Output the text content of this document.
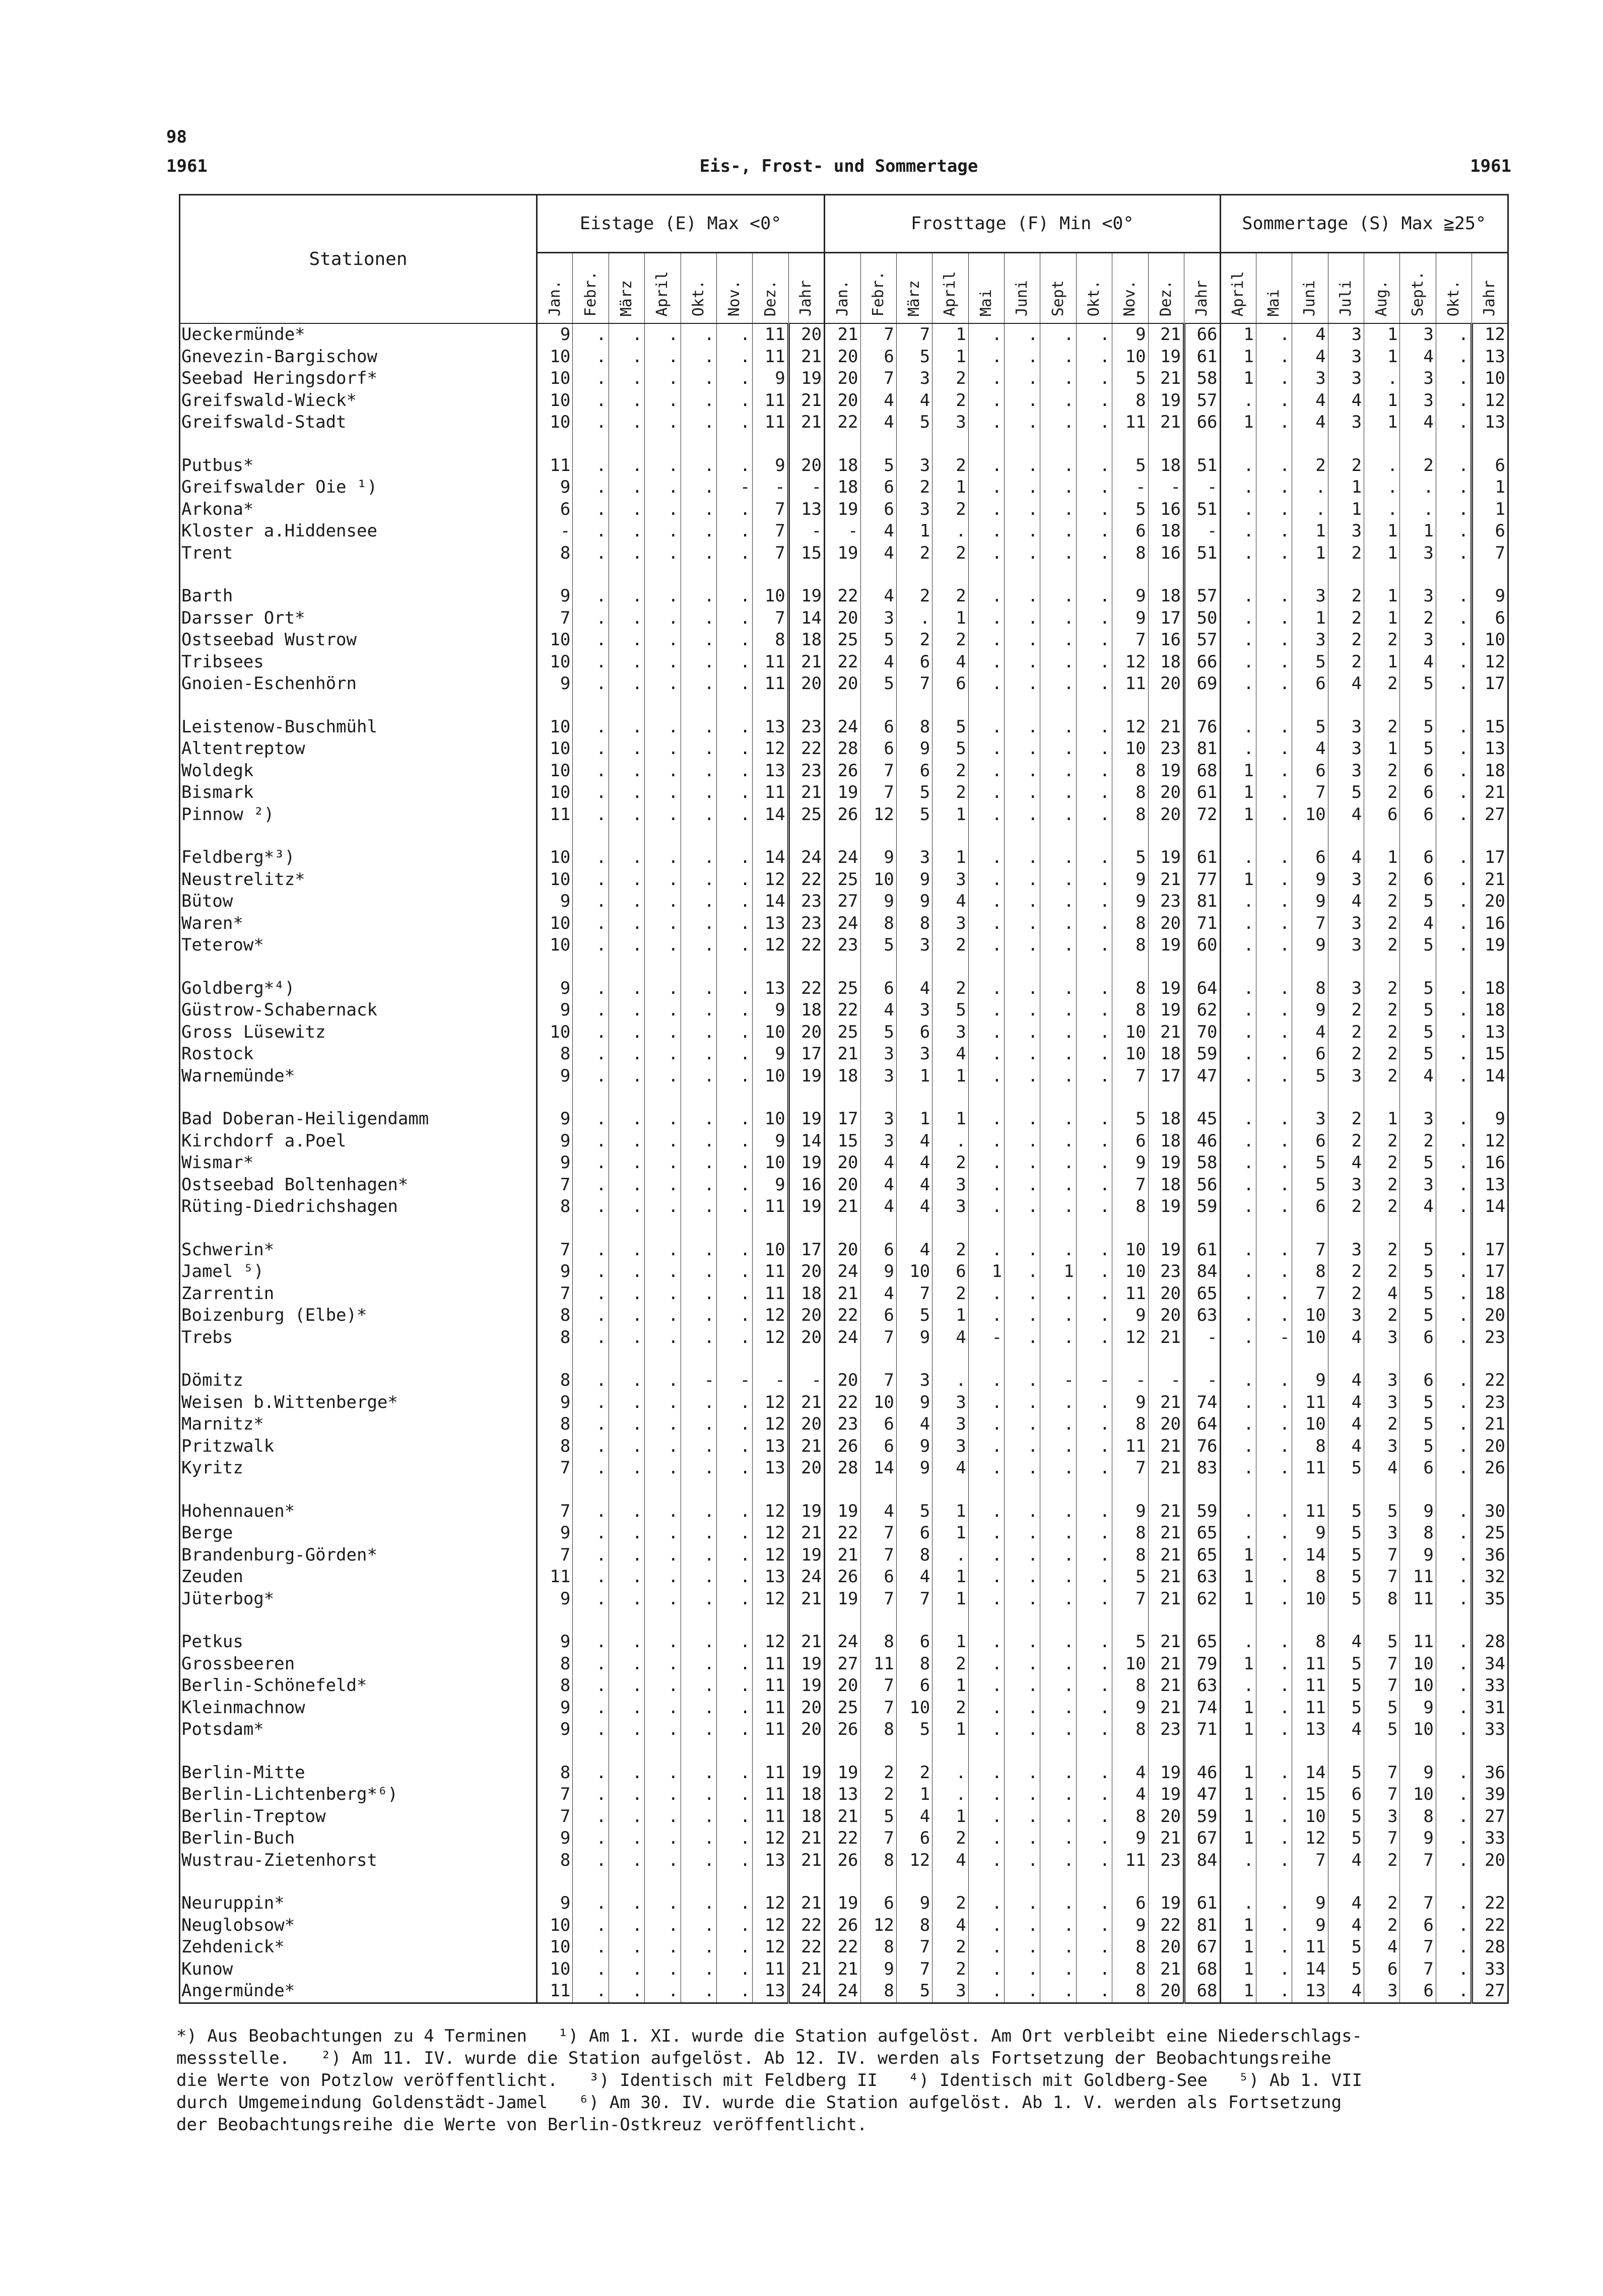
98
1961	Eis-, Frost- und Sommertage	1961
Stationen	Eistage (E) Max <0°								Frosttage (F) Min <0°											Sommertage (S) Max ≧25°							
	Jan.	Febr.	März	April	Okt.	Nov.	Dez.	Jahr	Jan.	Febr.	März	April	Mai	Juni	Sept	Okt.	Nov.	Dez.	Jahr	April	Mai	Juni	Juli	Aug.	Sept.	Okt.	Jahr
Ueckermünde*	9	.	.	.	.	.	11	20	21	7	7	1	.	.	.	.	9	21	66	1	.	4	3	1	3	.	12
Gnevezin-Bargischow	10	.	.	.	.	.	11	21	20	6	5	1	.	.	.	.	10	19	61	1	.	4	3	1	4	.	13
Seebad Heringsdorf*	10	.	.	.	.	.	9	19	20	7	3	2	.	.	.	.	5	21	58	1	.	3	3	.	3	.	10
Greifswald-Wieck*	10	.	.	.	.	.	11	21	20	4	4	2	.	.	.	.	8	19	57	.	.	4	4	1	3	.	12
Greifswald-Stadt	10	.	.	.	.	.	11	21	22	4	5	3	.	.	.	.	11	21	66	1	.	4	3	1	4	.	13

Putbus*	11	.	.	.	.	.	9	20	18	5	3	2	.	.	.	.	5	18	51	.	.	2	2	.	2	.	6
Greifswalder Oie ¹)	9	.	.	.	.	-	-	-	18	6	2	1	.	.	.	.	-	-	-	.	.	.	1	.	.	.	1
Arkona*	6	.	.	.	.	.	7	13	19	6	3	2	.	.	.	.	5	16	51	.	.	.	1	.	.	.	1
Kloster a.Hiddensee	-	.	.	.	.	.	7	-	-	4	1	.	.	.	.	.	6	18	-	.	.	1	3	1	1	.	6
Trent	8	.	.	.	.	.	7	15	19	4	2	2	.	.	.	.	8	16	51	.	.	1	2	1	3	.	7

Barth	9	.	.	.	.	.	10	19	22	4	2	2	.	.	.	.	9	18	57	.	.	3	2	1	3	.	9
Darsser Ort*	7	.	.	.	.	.	7	14	20	3	.	1	.	.	.	.	9	17	50	.	.	1	2	1	2	.	6
Ostseebad Wustrow	10	.	.	.	.	.	8	18	25	5	2	2	.	.	.	.	7	16	57	.	.	3	2	2	3	.	10
Tribsees	10	.	.	.	.	.	11	21	22	4	6	4	.	.	.	.	12	18	66	.	.	5	2	1	4	.	12
Gnoien-Eschenhörn	9	.	.	.	.	.	11	20	20	5	7	6	.	.	.	.	11	20	69	.	.	6	4	2	5	.	17

Leistenow-Buschmühl	10	.	.	.	.	.	13	23	24	6	8	5	.	.	.	.	12	21	76	.	.	5	3	2	5	.	15
Altentreptow	10	.	.	.	.	.	12	22	28	6	9	5	.	.	.	.	10	23	81	.	.	4	3	1	5	.	13
Woldegk	10	.	.	.	.	.	13	23	26	7	6	2	.	.	.	.	8	19	68	1	.	6	3	2	6	.	18
Bismark	10	.	.	.	.	.	11	21	19	7	5	2	.	.	.	.	8	20	61	1	.	7	5	2	6	.	21
Pinnow ²)	11	.	.	.	.	.	14	25	26	12	5	1	.	.	.	.	8	20	72	1	.	10	4	6	6	.	27

Feldberg*³)	10	.	.	.	.	.	14	24	24	9	3	1	.	.	.	.	5	19	61	.	.	6	4	1	6	.	17
Neustrelitz*	10	.	.	.	.	.	12	22	25	10	9	3	.	.	.	.	9	21	77	1	.	9	3	2	6	.	21
Bütow	9	.	.	.	.	.	14	23	27	9	9	4	.	.	.	.	9	23	81	.	.	9	4	2	5	.	20
Waren*	10	.	.	.	.	.	13	23	24	8	8	3	.	.	.	.	8	20	71	.	.	7	3	2	4	.	16
Teterow*	10	.	.	.	.	.	12	22	23	5	3	2	.	.	.	.	8	19	60	.	.	9	3	2	5	.	19

Goldberg*⁴)	9	.	.	.	.	.	13	22	25	6	4	2	.	.	.	.	8	19	64	.	.	8	3	2	5	.	18
Güstrow-Schabernack	9	.	.	.	.	.	9	18	22	4	3	5	.	.	.	.	8	19	62	.	.	9	2	2	5	.	18
Gross Lüsewitz	10	.	.	.	.	.	10	20	25	5	6	3	.	.	.	.	10	21	70	.	.	4	2	2	5	.	13
Rostock	8	.	.	.	.	.	9	17	21	3	3	4	.	.	.	.	10	18	59	.	.	6	2	2	5	.	15
Warnemünde*	9	.	.	.	.	.	10	19	18	3	1	1	.	.	.	.	7	17	47	.	.	5	3	2	4	.	14

Bad Doberan-Heiligendamm	9	.	.	.	.	.	10	19	17	3	1	1	.	.	.	.	5	18	45	.	.	3	2	1	3	.	9
Kirchdorf a.Poel	9	.	.	.	.	.	9	14	15	3	4	.	.	.	.	.	6	18	46	.	.	6	2	2	2	.	12
Wismar*	9	.	.	.	.	.	10	19	20	4	4	2	.	.	.	.	9	19	58	.	.	5	4	2	5	.	16
Ostseebad Boltenhagen*	7	.	.	.	.	.	9	16	20	4	4	3	.	.	.	.	7	18	56	.	.	5	3	2	3	.	13
Rüting-Diedrichshagen	8	.	.	.	.	.	11	19	21	4	4	3	.	.	.	.	8	19	59	.	.	6	2	2	4	.	14

Schwerin*	7	.	.	.	.	.	10	17	20	6	4	2	.	.	.	.	10	19	61	.	.	7	3	2	5	.	17
Jamel ⁵)	9	.	.	.	.	.	11	20	24	9	10	6	1	.	1	.	10	23	84	.	.	8	2	2	5	.	17
Zarrentin	7	.	.	.	.	.	11	18	21	4	7	2	.	.	.	.	11	20	65	.	.	7	2	4	5	.	18
Boizenburg (Elbe)*	8	.	.	.	.	.	12	20	22	6	5	1	.	.	.	.	9	20	63	.	.	10	3	2	5	.	20
Trebs	8	.	.	.	.	.	12	20	24	7	9	4	-	.	.	.	12	21	-	.	-	10	4	3	6	.	23

Dömitz	8	.	.	.	-	-	-	-	20	7	3	.	.	.	-	-	-	-	-	.	.	9	4	3	6	.	22
Weisen b.Wittenberge*	9	.	.	.	.	.	12	21	22	10	9	3	.	.	.	.	9	21	74	.	.	11	4	3	5	.	23
Marnitz*	8	.	.	.	.	.	12	20	23	6	4	3	.	.	.	.	8	20	64	.	.	10	4	2	5	.	21
Pritzwalk	8	.	.	.	.	.	13	21	26	6	9	3	.	.	.	.	11	21	76	.	.	8	4	3	5	.	20
Kyritz	7	.	.	.	.	.	13	20	28	14	9	4	.	.	.	.	7	21	83	.	.	11	5	4	6	.	26

Hohennauen*	7	.	.	.	.	.	12	19	19	4	5	1	.	.	.	.	9	21	59	.	.	11	5	5	9	.	30
Berge	9	.	.	.	.	.	12	21	22	7	6	1	.	.	.	.	8	21	65	.	.	9	5	3	8	.	25
Brandenburg-Görden*	7	.	.	.	.	.	12	19	21	7	8	.	.	.	.	.	8	21	65	1	.	14	5	7	9	.	36
Zeuden	11	.	.	.	.	.	13	24	26	6	4	1	.	.	.	.	5	21	63	1	.	8	5	7	11	.	32
Jüterbog*	9	.	.	.	.	.	12	21	19	7	7	1	.	.	.	.	7	21	62	1	.	10	5	8	11	.	35

Petkus	9	.	.	.	.	.	12	21	24	8	6	1	.	.	.	.	5	21	65	.	.	8	4	5	11	.	28
Grossbeeren	8	.	.	.	.	.	11	19	27	11	8	2	.	.	.	.	10	21	79	1	.	11	5	7	10	.	34
Berlin-Schönefeld*	8	.	.	.	.	.	11	19	20	7	6	1	.	.	.	.	8	21	63	.	.	11	5	7	10	.	33
Kleinmachnow	9	.	.	.	.	.	11	20	25	7	10	2	.	.	.	.	9	21	74	1	.	11	5	5	9	.	31
Potsdam*	9	.	.	.	.	.	11	20	26	8	5	1	.	.	.	.	8	23	71	1	.	13	4	5	10	.	33

Berlin-Mitte	8	.	.	.	.	.	11	19	19	2	2	.	.	.	.	.	4	19	46	1	.	14	5	7	9	.	36
Berlin-Lichtenberg*⁶)	7	.	.	.	.	.	11	18	13	2	1	.	.	.	.	.	4	19	47	1	.	15	6	7	10	.	39
Berlin-Treptow	7	.	.	.	.	.	11	18	21	5	4	1	.	.	.	.	8	20	59	1	.	10	5	3	8	.	27
Berlin-Buch	9	.	.	.	.	.	12	21	22	7	6	2	.	.	.	.	9	21	67	1	.	12	5	7	9	.	33
Wustrau-Zietenhorst	8	.	.	.	.	.	13	21	26	8	12	4	.	.	.	.	11	23	84	.	.	7	4	2	7	.	20

Neuruppin*	9	.	.	.	.	.	12	21	19	6	9	2	.	.	.	.	6	19	61	.	.	9	4	2	7	.	22
Neuglobsow*	10	.	.	.	.	.	12	22	26	12	8	4	.	.	.	.	9	22	81	1	.	9	4	2	6	.	22
Zehdenick*	10	.	.	.	.	.	12	22	22	8	7	2	.	.	.	.	8	20	67	1	.	11	5	4	7	.	28
Kunow	10	.	.	.	.	.	11	21	21	9	7	2	.	.	.	.	8	21	68	1	.	14	5	6	7	.	33
Angermünde*	11	.	.	.	.	.	13	24	24	8	5	3	.	.	.	.	8	20	68	1	.	13	4	3	6	.	27

*) Aus Beobachtungen zu 4 Terminen   ¹) Am 1. XI. wurde die Station aufgelöst. Am Ort verbleibt eine Niederschlags-

messstelle.   ²) Am 11. IV. wurde die Station aufgelöst. Ab 12. IV. werden als Fortsetzung der Beobachtungsreihe

die Werte von Potzlow veröffentlicht.   ³) Identisch mit Feldberg II   ⁴) Identisch mit Goldberg-See   ⁵) Ab 1. VII

durch Umgemeindung Goldenstädt-Jamel   ⁶) Am 30. IV. wurde die Station aufgelöst. Ab 1. V. werden als Fortsetzung

der Beobachtungsreihe die Werte von Berlin-Ostkreuz veröffentlicht.
